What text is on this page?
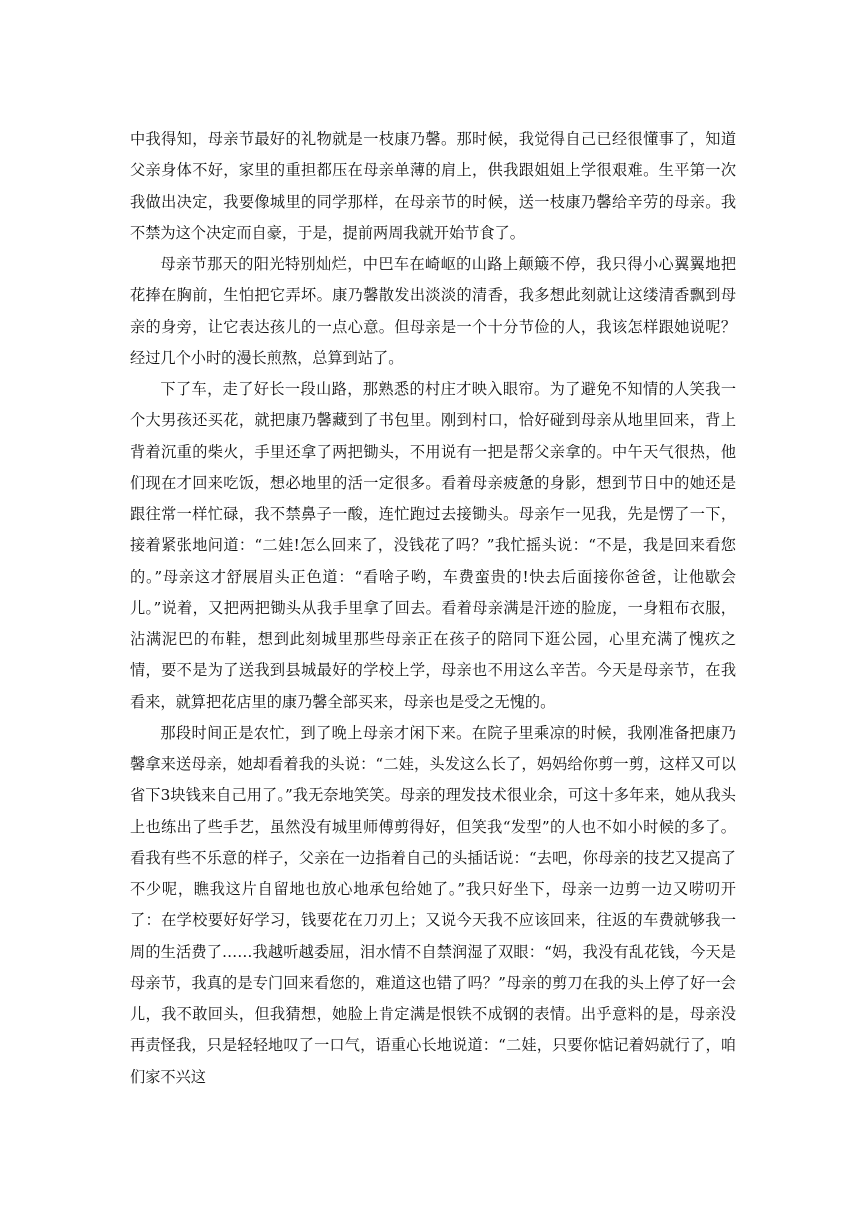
中我得知，母亲节最好的礼物就是一枝康乃馨。那时候，我觉得自己已经很懂事了，知道父亲身体不好，家里的重担都压在母亲单薄的肩上，供我跟姐姐上学很艰难。生平第一次我做出决定，我要像城里的同学那样，在母亲节的时候，送一枝康乃馨给辛劳的母亲。我不禁为这个决定而自豪，于是，提前两周我就开始节食了。

母亲节那天的阳光特别灿烂，中巴车在崎岖的山路上颠簸不停，我只得小心翼翼地把花捧在胸前，生怕把它弄坏。康乃馨散发出淡淡的清香，我多想此刻就让这缕清香飘到母亲的身旁，让它表达孩儿的一点心意。但母亲是一个十分节俭的人，我该怎样跟她说呢？经过几个小时的漫长煎熬，总算到站了。

下了车，走了好长一段山路，那熟悉的村庄才映入眼帘。为了避免不知情的人笑我一个大男孩还买花，就把康乃馨藏到了书包里。刚到村口，恰好碰到母亲从地里回来，背上背着沉重的柴火，手里还拿了两把锄头，不用说有一把是帮父亲拿的。中午天气很热，他们现在才回来吃饭，想必地里的活一定很多。看着母亲疲惫的身影，想到节日中的她还是跟往常一样忙碌，我不禁鼻子一酸，连忙跑过去接锄头。母亲乍一见我，先是愣了一下，接着紧张地问道：“二娃!怎么回来了，没钱花了吗？”我忙摇头说：“不是，我是回来看您的。”母亲这才舒展眉头正色道：“看啥子哟，车费蛮贵的!快去后面接你爸爸，让他歇会儿。”说着，又把两把锄头从我手里拿了回去。看着母亲满是汗迹的脸庞，一身粗布衣服，沾满泥巴的布鞋，想到此刻城里那些母亲正在孩子的陪同下逛公园，心里充满了愧疚之情，要不是为了送我到县城最好的学校上学，母亲也不用这么辛苦。今天是母亲节，在我看来，就算把花店里的康乃馨全部买来，母亲也是受之无愧的。

那段时间正是农忙，到了晚上母亲才闲下来。在院子里乘凉的时候，我刚准备把康乃馨拿来送母亲，她却看着我的头说：“二娃，头发这么长了，妈妈给你剪一剪，这样又可以省下3块钱来自己用了。”我无奈地笑笑。母亲的理发技术很业余，可这十多年来，她从我头上也练出了些手艺，虽然没有城里师傅剪得好，但笑我“发型”的人也不如小时候的多了。看我有些不乐意的样子，父亲在一边指着自己的头插话说：“去吧，你母亲的技艺又提高了不少呢，瞧我这片自留地也放心地承包给她了。”我只好坐下，母亲一边剪一边又唠叨开了：在学校要好好学习，钱要花在刀刃上；又说今天我不应该回来，往返的车费就够我一周的生活费了……我越听越委屈，泪水情不自禁润湿了双眼：“妈，我没有乱花钱，今天是母亲节，我真的是专门回来看您的，难道这也错了吗？”母亲的剪刀在我的头上停了好一会儿，我不敢回头，但我猜想，她脸上肯定满是恨铁不成钢的表情。出乎意料的是，母亲没再责怪我，只是轻轻地叹了一口气，语重心长地说道：“二娃，只要你惦记着妈就行了，咱们家不兴这
